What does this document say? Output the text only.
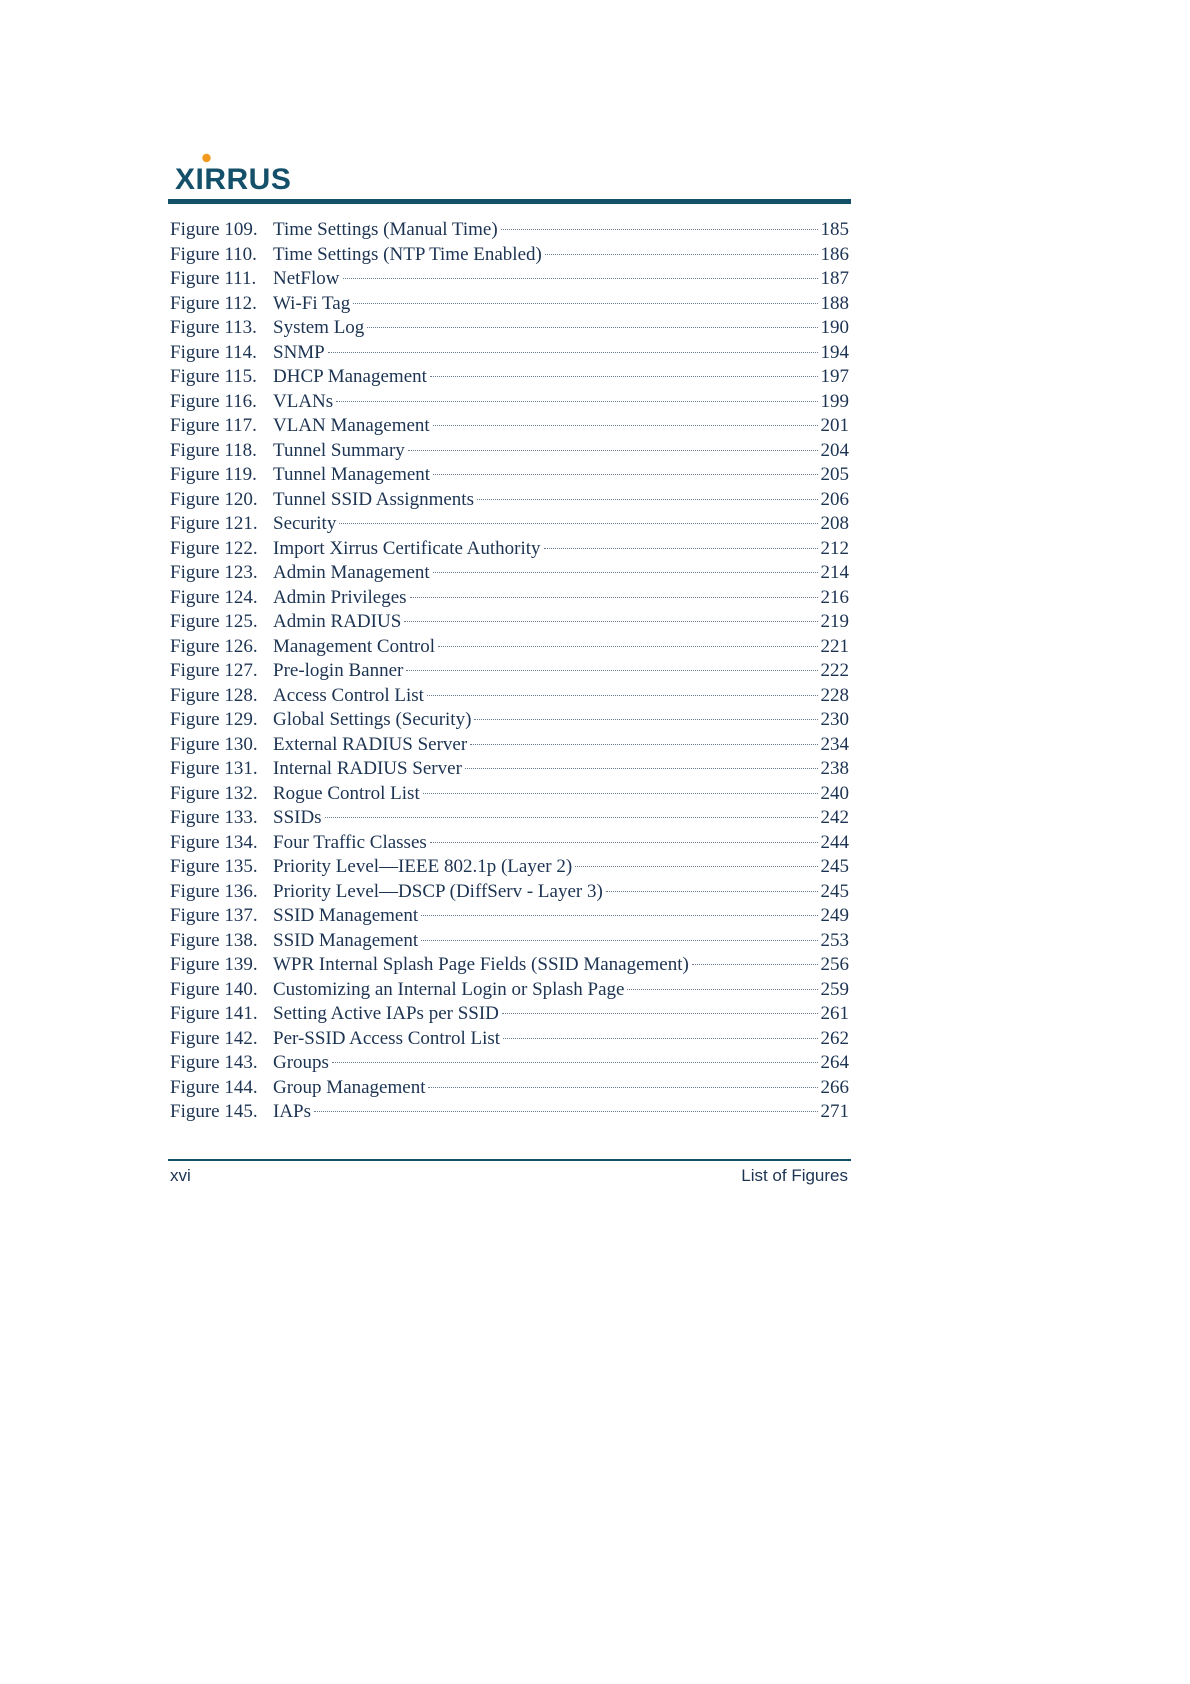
XIRRUS
Figure 109. Time Settings (Manual Time)	185
Figure 110. Time Settings (NTP Time Enabled)	186
Figure 111. NetFlow	187
Figure 112. Wi-Fi Tag	188
Figure 113. System Log	190
Figure 114. SNMP	194
Figure 115. DHCP Management	197
Figure 116. VLANs	199
Figure 117. VLAN Management	201
Figure 118. Tunnel Summary	204
Figure 119. Tunnel Management	205
Figure 120. Tunnel SSID Assignments	206
Figure 121. Security	208
Figure 122. Import Xirrus Certificate Authority	212
Figure 123. Admin Management	214
Figure 124. Admin Privileges	216
Figure 125. Admin RADIUS	219
Figure 126. Management Control	221
Figure 127. Pre-login Banner	222
Figure 128. Access Control List	228
Figure 129. Global Settings (Security)	230
Figure 130. External RADIUS Server	234
Figure 131. Internal RADIUS Server	238
Figure 132. Rogue Control List	240
Figure 133. SSIDs	242
Figure 134. Four Traffic Classes	244
Figure 135. Priority Level—IEEE 802.1p (Layer 2)	245
Figure 136. Priority Level—DSCP (DiffServ - Layer 3)	245
Figure 137. SSID Management	249
Figure 138. SSID Management	253
Figure 139. WPR Internal Splash Page Fields (SSID Management)	256
Figure 140. Customizing an Internal Login or Splash Page	259
Figure 141. Setting Active IAPs per SSID	261
Figure 142. Per-SSID Access Control List	262
Figure 143. Groups	264
Figure 144. Group Management	266
Figure 145. IAPs	271
xvi	List of Figures
